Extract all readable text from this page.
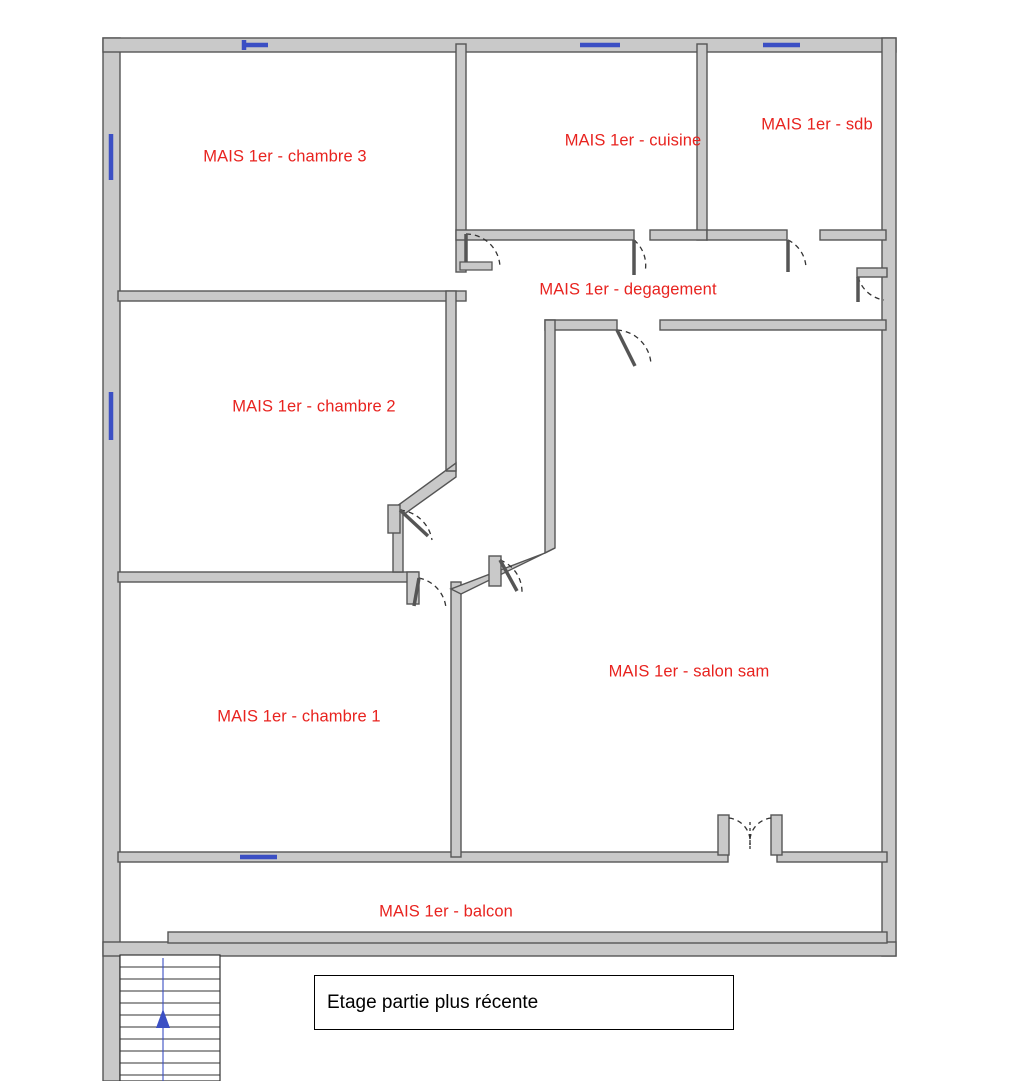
MAIS 1er - chambre 3
MAIS 1er - cuisine
MAIS 1er - sdb
MAIS 1er - degagement
MAIS 1er - chambre 2
MAIS 1er - chambre 1
MAIS 1er - salon sam
MAIS 1er - balcon
Etage partie plus récente
